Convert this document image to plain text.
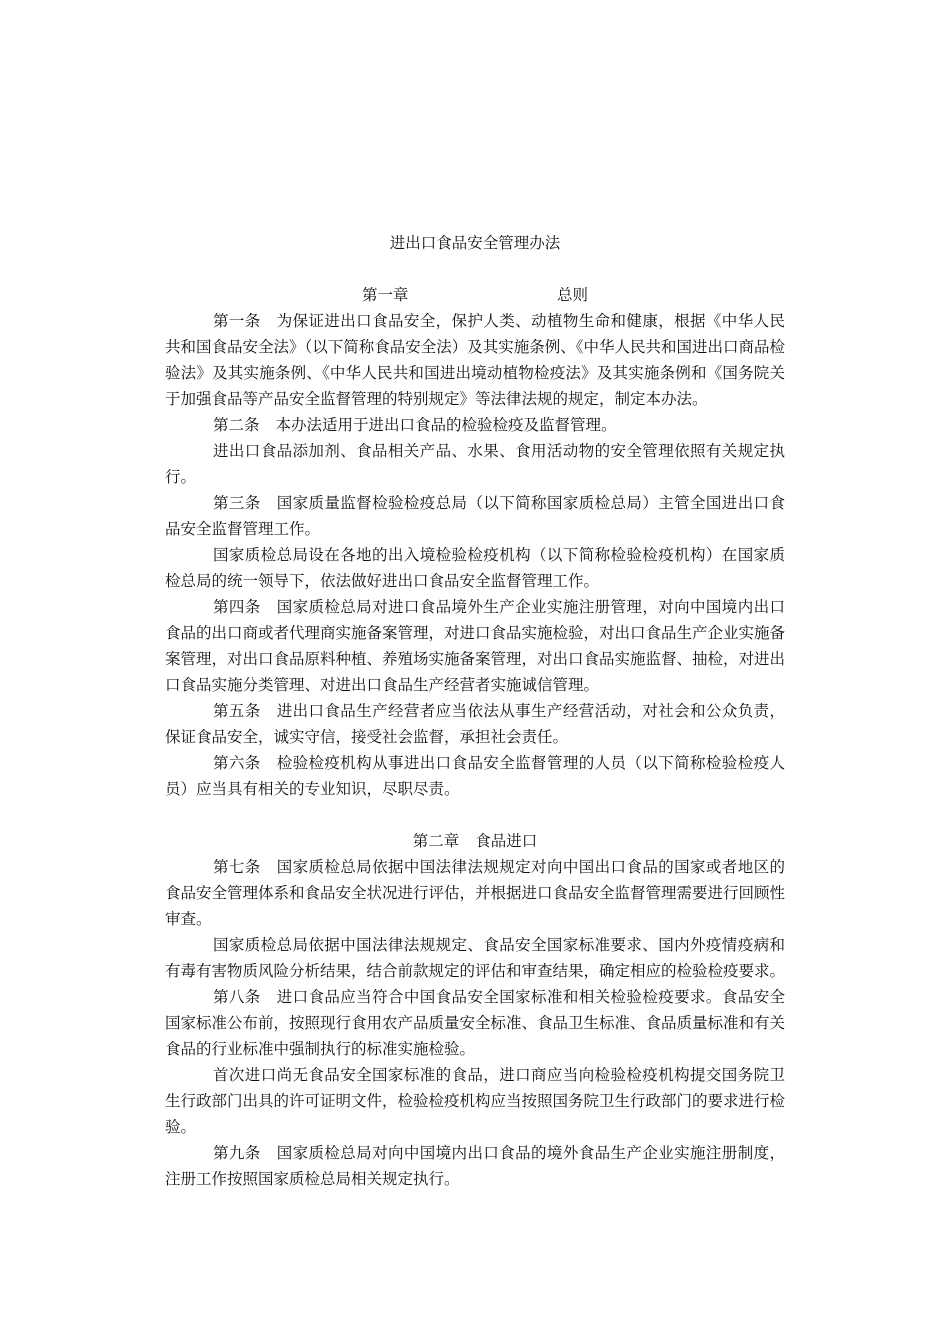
进出口食品安全管理办法
第一章	总则

第一条 为保证进出口食品安全，保护人类、动植物生命和健康，根据《中华人民共和国食品安全法》（以下简称食品安全法）及其实施条例、《中华人民共和国进出口商品检验法》及其实施条例、《中华人民共和国进出境动植物检疫法》及其实施条例和《国务院关于加强食品等产品安全监督管理的特别规定》等法律法规的规定，制定本办法。

第二条 本办法适用于进出口食品的检验检疫及监督管理。

进出口食品添加剂、食品相关产品、水果、食用活动物的安全管理依照有关规定执行。

第三条 国家质量监督检验检疫总局（以下简称国家质检总局）主管全国进出口食品安全监督管理工作。

国家质检总局设在各地的出入境检验检疫机构（以下简称检验检疫机构）在国家质检总局的统一领导下，依法做好进出口食品安全监督管理工作。

第四条 国家质检总局对进口食品境外生产企业实施注册管理，对向中国境内出口食品的出口商或者代理商实施备案管理，对进口食品实施检验，对出口食品生产企业实施备案管理，对出口食品原料种植、养殖场实施备案管理，对出口食品实施监督、抽检，对进出口食品实施分类管理、对进出口食品生产经营者实施诚信管理。

第五条 进出口食品生产经营者应当依法从事生产经营活动，对社会和公众负责，保证食品安全，诚实守信，接受社会监督，承担社会责任。

第六条 检验检疫机构从事进出口食品安全监督管理的人员（以下简称检验检疫人员）应当具有相关的专业知识，尽职尽责。

第二章 食品进口

第七条 国家质检总局依据中国法律法规规定对向中国出口食品的国家或者地区的食品安全管理体系和食品安全状况进行评估，并根据进口食品安全监督管理需要进行回顾性审查。

国家质检总局依据中国法律法规规定、食品安全国家标准要求、国内外疫情疫病和有毒有害物质风险分析结果，结合前款规定的评估和审查结果，确定相应的检验检疫要求。

第八条 进口食品应当符合中国食品安全国家标准和相关检验检疫要求。食品安全国家标准公布前，按照现行食用农产品质量安全标准、食品卫生标准、食品质量标准和有关食品的行业标准中强制执行的标准实施检验。

首次进口尚无食品安全国家标准的食品，进口商应当向检验检疫机构提交国务院卫生行政部门出具的许可证明文件，检验检疫机构应当按照国务院卫生行政部门的要求进行检验。

第九条 国家质检总局对向中国境内出口食品的境外食品生产企业实施注册制度，注册工作按照国家质检总局相关规定执行。
